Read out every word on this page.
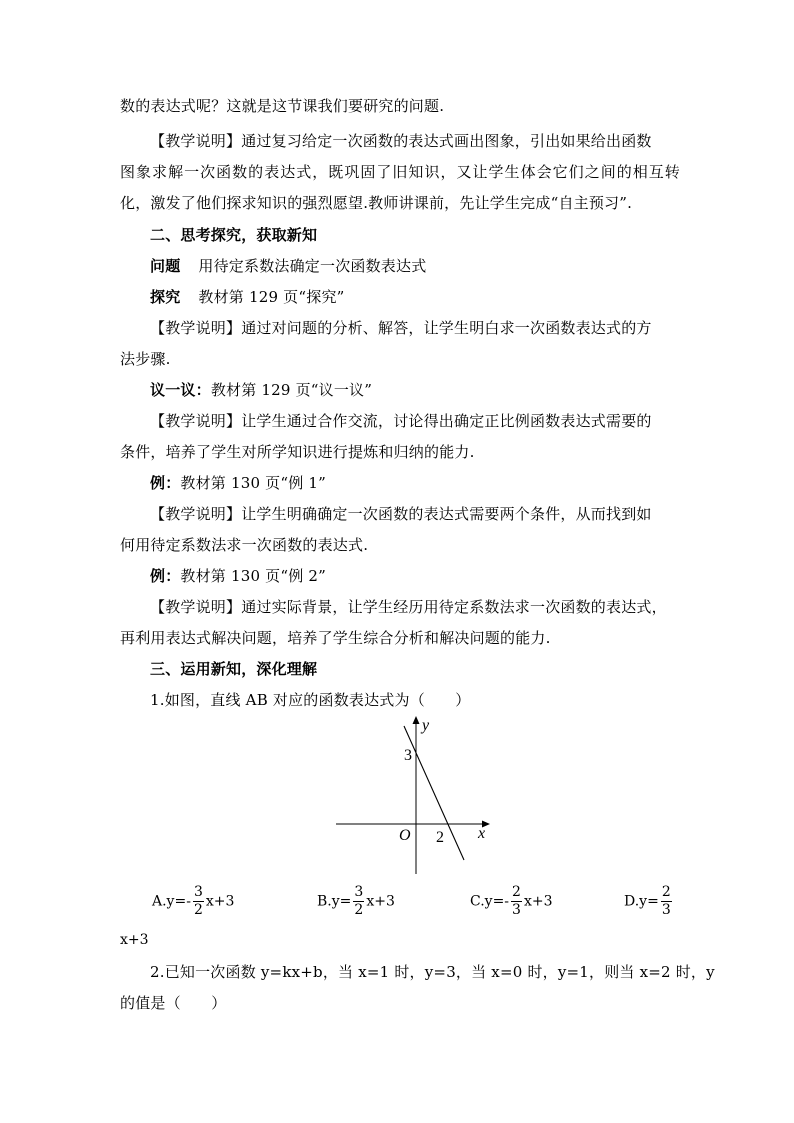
数的表达式呢？这就是这节课我们要研究的问题.
【教学说明】通过复习给定一次函数的表达式画出图象，引出如果给出函数
图象求解一次函数的表达式，既巩固了旧知识，又让学生体会它们之间的相互转
化，激发了他们探求知识的强烈愿望.教师讲课前，先让学生完成“自主预习”.
二、思考探究，获取新知
问题 用待定系数法确定一次函数表达式
探究 教材第 129 页“探究”
【教学说明】通过对问题的分析、解答，让学生明白求一次函数表达式的方
法步骤.
议一议：教材第 129 页“议一议”
【教学说明】让学生通过合作交流，讨论得出确定正比例函数表达式需要的
条件，培养了学生对所学知识进行提炼和归纳的能力.
例：教材第 130 页“例 1”
【教学说明】让学生明确确定一次函数的表达式需要两个条件，从而找到如
何用待定系数法求一次函数的表达式.
例：教材第 130 页“例 2”
【教学说明】通过实际背景，让学生经历用待定系数法求一次函数的表达式，
再利用表达式解决问题，培养了学生综合分析和解决问题的能力.
三、运用新知，深化理解
1.如图，直线 AB 对应的函数表达式为（　　）
y
x
O
3
2
$A.y=- \frac{3}{2} x+3$	$B.y= \frac{3}{2} x+3$	$C.y=- \frac{2}{3} x+3$	$D.y= \frac{2}{3}$
x+3
2.已知一次函数 y=kx+b，当 x=1 时，y=3，当 x=0 时，y=1，则当 x=2 时，y
的值是（　　）
